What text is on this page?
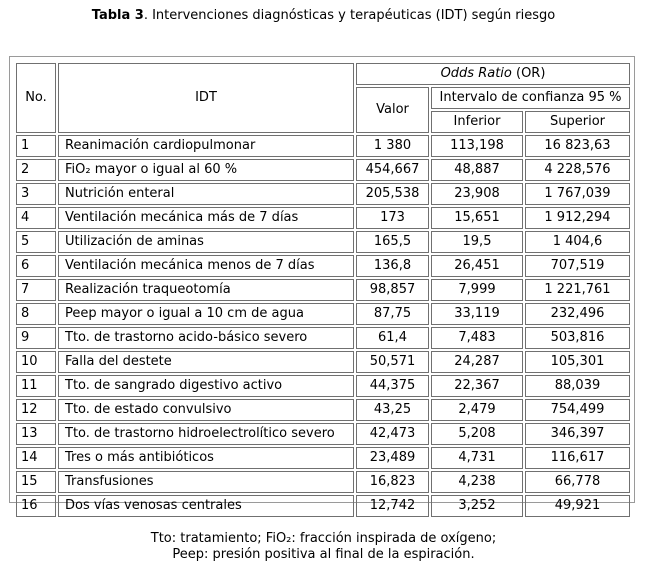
Tabla 3. Intervenciones diagnósticas y terapéuticas (IDT) según riesgo
No.	IDT	Odds Ratio (OR)		
		Valor	Intervalo de confianza 95 %	
			Inferior	Superior
1	Reanimación cardiopulmonar	1 380	113,198	16 823,63
2	FiO₂ mayor o igual al 60 %	454,667	48,887	4 228,576
3	Nutrición enteral	205,538	23,908	1 767,039
4	Ventilación mecánica más de 7 días	173	15,651	1 912,294
5	Utilización de aminas	165,5	19,5	1 404,6
6	Ventilación mecánica menos de 7 días	136,8	26,451	707,519
7	Realización traqueotomía	98,857	7,999	1 221,761
8	Peep mayor o igual a 10 cm de agua	87,75	33,119	232,496
9	Tto. de trastorno acido-básico severo	61,4	7,483	503,816
10	Falla del destete	50,571	24,287	105,301
11	Tto. de sangrado digestivo activo	44,375	22,367	88,039
12	Tto. de estado convulsivo	43,25	2,479	754,499
13	Tto. de trastorno hidroelectrolítico severo	42,473	5,208	346,397
14	Tres o más antibióticos	23,489	4,731	116,617
15	Transfusiones	16,823	4,238	66,778
16	Dos vías venosas centrales	12,742	3,252	49,921
Tto: tratamiento; FiO₂: fracción inspirada de oxígeno;
Peep: presión positiva al final de la espiración.
